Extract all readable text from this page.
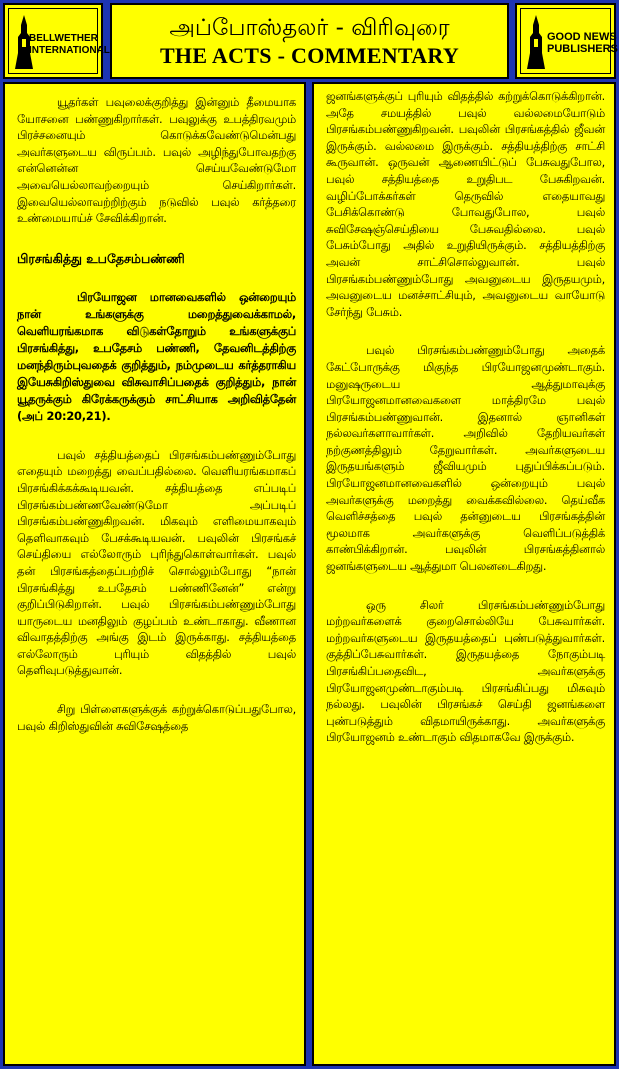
BELLWETHER
INTERNATIONAL
அப்போஸ்தலர் - விரிவுரை
THE ACTS - COMMENTARY
GOOD NEWS
PUBLISHERS

யூதர்கள் பவுலைக்குறித்து இன்னும் தீமையாக யோசனை பண்ணுகிறார்கள். பவுலுக்கு உபத்திரவமும் பிரச்சனையும் கொடுக்கவேண்டுமென்பது அவர்களுடைய விருப்பம். பவுல் அழிந்துபோவதற்கு என்னென்ன செய்யவேண்டுமோ அவையெல்லாவற்றையும் செய்கிறார்கள். இவையெல்லாவற்றிற்கும் நடுவில் பவுல் கர்த்தரை உண்மையாய்ச் சேவிக்கிறான்.

பிரசங்கித்து உபதேசம்பண்ணி

பிரயோஜன மானவைகளில் ஒன்றையும் நான் உங்களுக்கு மறைத்துவைக்காமல், வெளியரங்கமாக விடுகள்தோறும் உங்களுக்குப் பிரசங்கித்து, உபதேசம் பண்ணி, தேவனிடத்திற்கு மனந்திரும்புவதைக் குறித்தும், நம்முடைய கர்த்தராகிய இயேசுகிறிஸ்துவை விசுவாசிப்பதைக் குறித்தும், நான் யூதருக்கும் கிரேக்கருக்கும் சாட்சியாக அறிவித்தேன் (அப் 20:20,21).

பவுல் சத்தியத்தைப் பிரசங்கம்பண்ணும்போது எதையும் மறைத்து வைப்பதில்லை. வெளியரங்கமாகப் பிரசங்கிக்கக்கூடியவன். சத்தியத்தை எப்படிப் பிரசங்கம்பண்ணவேண்டுமோ அப்படிப் பிரசங்கம்பண்ணுகிறவன். மிகவும் எளிமையாகவும் தெளிவாகவும் பேசக்கூடியவன். பவுலின் பிரசங்கச் செய்தியை எல்லோரும் புரிந்துகொள்வார்கள். பவுல் தன் பிரசங்கத்தைப்பற்றிச் சொல்லும்போது “நான் பிரசங்கித்து உபதேசம் பண்ணினேன்” என்று குறிப்பிடுகிறான். பவுல் பிரசங்கம்பண்ணும்போது யாருடைய மனதிலும் குழப்பம் உண்டாகாது. வீணான விவாதத்திற்கு அங்கு இடம் இருக்காது. சத்தியத்தை எல்லோரும் புரியும் விதத்தில் பவுல் தெளிவுபடுத்துவான்.

சிறு பிள்ளைகளுக்குக் கற்றுக்கொடுப்பதுபோல, பவுல் கிறிஸ்துவின் சுவிசேஷத்தை

ஜனங்களுக்குப் புரியும் விதத்தில் கற்றுக்கொடுக்கிறான். அதே சமயத்தில் பவுல் வல்லமையோடும் பிரசங்கம்பண்ணுகிறவன். பவுலின் பிரசங்கத்தில் ஜீவன் இருக்கும். வல்லமை இருக்கும். சத்தியத்திற்கு சாட்சி கூருவான். ஒருவன் ஆணையிட்டுப் பேசுவதுபோல, பவுல் சத்தியத்தை உறுதிபட பேசுகிறவன். வழிப்போக்கர்கள் தெருவில் எதையாவது பேசிக்கொண்டு போவதுபோல, பவுல் சுவிசேஷஞ்செய்தியை பேசுவதில்லை. பவுல் பேசும்போது அதில் உறுதியிருக்கும். சத்தியத்திற்கு அவன் சாட்சிசொல்லுவான். பவுல் பிரசங்கம்பண்ணும்போது அவனுடைய இருதயமும், அவனுடைய மனச்சாட்சியும், அவனுடைய வாயோடு சேர்ந்து பேசும்.

பவுல் பிரசங்கம்பண்ணும்போது அதைக் கேட்போருக்கு மிகுந்த பிரயோஜனமுண்டாகும். மனுஷருடைய ஆத்துமாவுக்கு பிரயோஜனமானவைகளை மாத்திரமே பவுல் பிரசங்கம்பண்ணுவான். இதனால் ஞானிகள் நல்லவர்களாவார்கள். அறிவில் தேறியவர்கள் நற்குணத்திலும் தேறுவார்கள். அவர்களுடைய இருதயங்களும் ஜீவியமும் புதுப்பிக்கப்படும். பிரயோஜனமானவைகளில் ஒன்றையும் பவுல் அவர்களுக்கு மறைத்து வைக்கவில்லை. தெய்வீக வெளிச்சத்தை பவுல் தன்னுடைய பிரசங்கத்தின் மூலமாக அவர்களுக்கு வெளிப்படுத்திக் காண்பிக்கிறான். பவுலின் பிரசங்கத்தினால் ஜனங்களுடைய ஆத்துமா பெலனடைகிறது.

ஒரு சிலர் பிரசங்கம்பண்ணும்போது மற்றவர்களைக் குறைசொல்லியே பேசுவார்கள். மற்றவர்களுடைய இருதயத்தைப் புண்படுத்துவார்கள். குத்திப்பேசுவார்கள். இருதயத்தை நோகும்படி பிரசங்கிப்பதைவிட, அவர்களுக்கு பிரயோஜனமுண்டாகும்படி பிரசங்கிப்பது மிகவும் நல்லது. பவுலின் பிரசங்கச் செய்தி ஜனங்களை புண்படுத்தும் விதமாயிருக்காது. அவர்களுக்கு பிரயோஜனம் உண்டாகும் விதமாகவே இருக்கும்.
